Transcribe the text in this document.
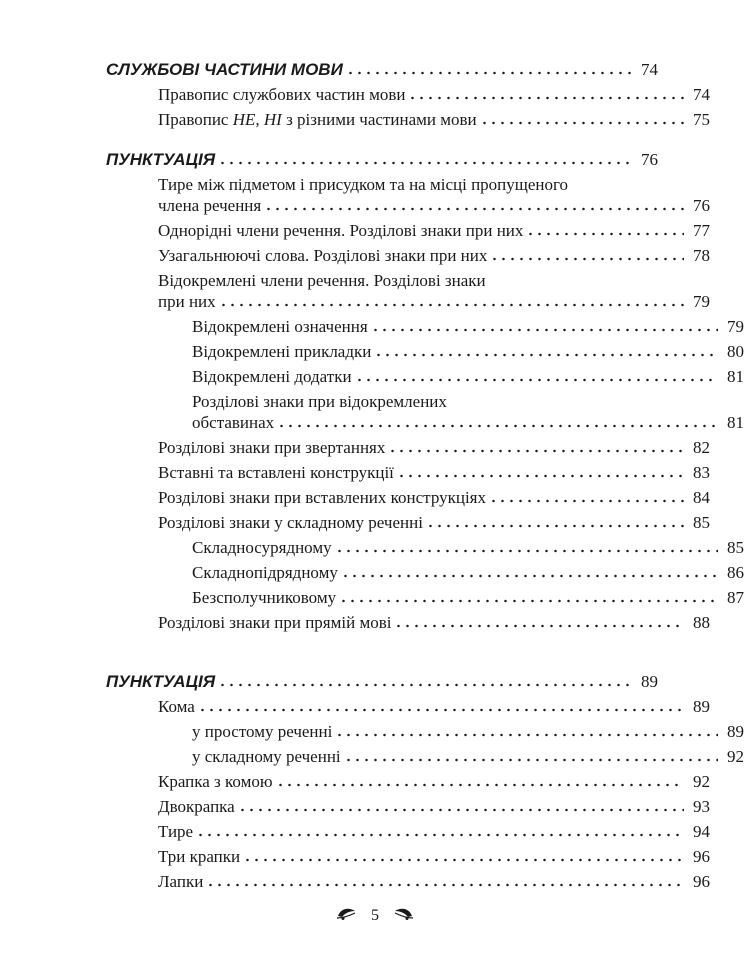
СЛУЖБОВІ ЧАСТИНИ МОВИ	74
Правопис службових частин мови	74
Правопис НЕ, НІ з різними частинами мови	75
ПУНКТУАЦІЯ	76
Тире між підметом і присудком та на місці пропущеного
члена речення	76
Однорідні члени речення. Розділові знаки при них	77
Узагальнюючі слова. Розділові знаки при них	78
Відокремлені члени речення. Розділові знаки
при них	79
Відокремлені означення	79
Відокремлені прикладки	80
Відокремлені додатки	81
Розділові знаки при відокремлених
обставинах	81
Розділові знаки при звертаннях	82
Вставні та вставлені конструкції	83
Розділові знаки при вставлених конструкціях	84
Розділові знаки у складному реченні	85
Складносурядному	85
Складнопідрядному	86
Безсполучниковому	87
Розділові знаки при прямій мові	88
ПУНКТУАЦІЯ	89
Кома	89
у простому реченні	89
у складному реченні	92
Крапка з комою	92
Двокрапка	93
Тире	94
Три крапки	96
Лапки	96
5
